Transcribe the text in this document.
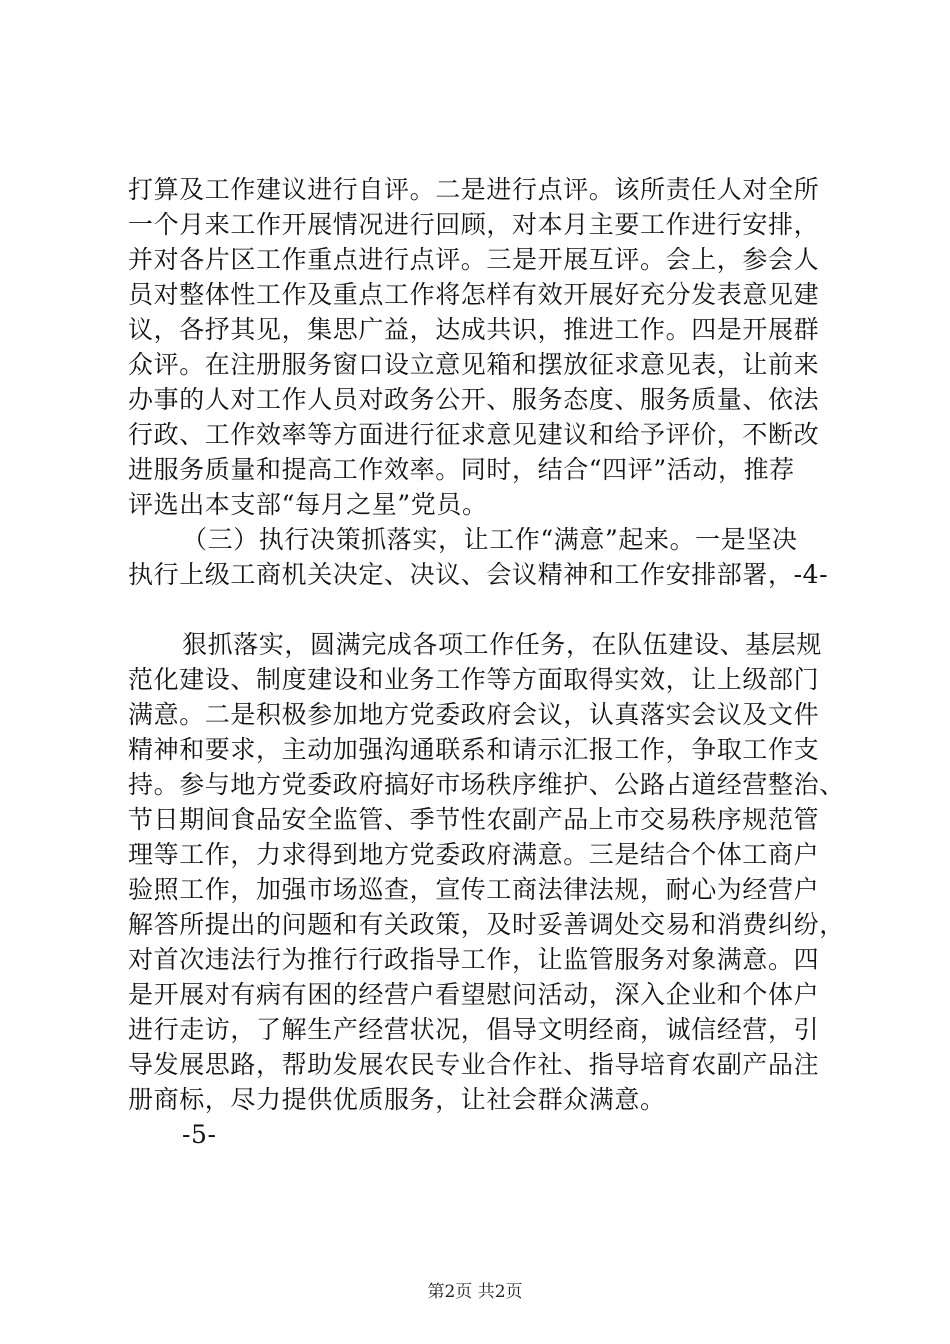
打算及工作建议进行自评。二是进行点评。该所责任人对全所
一个月来工作开展情况进行回顾，对本月主要工作进行安排，
并对各片区工作重点进行点评。三是开展互评。会上，参会人
员对整体性工作及重点工作将怎样有效开展好充分发表意见建
议，各抒其见，集思广益，达成共识，推进工作。四是开展群
众评。在注册服务窗口设立意见箱和摆放征求意见表，让前来
办事的人对工作人员对政务公开、服务态度、服务质量、依法
行政、工作效率等方面进行征求意见建议和给予评价，不断改
进服务质量和提高工作效率。同时，结合“四评”活动，推荐
评选出本支部“每月之星”党员。
（三）执行决策抓落实，让工作“满意”起来。一是坚决
执行上级工商机关决定、决议、会议精神和工作安排部署，-4-
狠抓落实，圆满完成各项工作任务，在队伍建设、基层规
范化建设、制度建设和业务工作等方面取得实效，让上级部门
满意。二是积极参加地方党委政府会议，认真落实会议及文件
精神和要求，主动加强沟通联系和请示汇报工作，争取工作支
持。参与地方党委政府搞好市场秩序维护、公路占道经营整治、
节日期间食品安全监管、季节性农副产品上市交易秩序规范管
理等工作，力求得到地方党委政府满意。三是结合个体工商户
验照工作，加强市场巡查，宣传工商法律法规，耐心为经营户
解答所提出的问题和有关政策，及时妥善调处交易和消费纠纷，
对首次违法行为推行行政指导工作，让监管服务对象满意。四
是开展对有病有困的经营户看望慰问活动，深入企业和个体户
进行走访，了解生产经营状况，倡导文明经商，诚信经营，引
导发展思路，帮助发展农民专业合作社、指导培育农副产品注
册商标，尽力提供优质服务，让社会群众满意。
-5-
第2页 共2页
